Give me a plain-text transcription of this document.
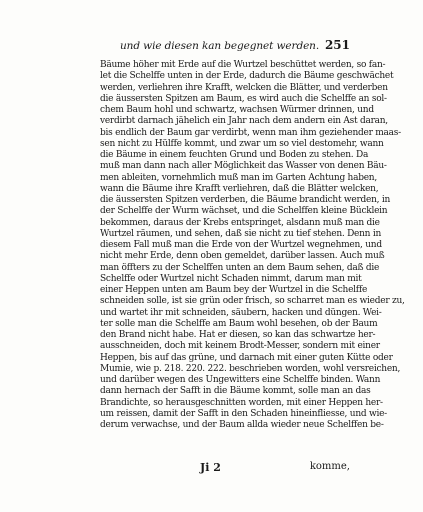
und wie diesen kan begegnet werden. 251
Bäume höher mit Erde auf die Wurtzel beschüttet werden, so fan-
let die Schelffe unten in der Erde, dadurch die Bäume geschwächet
werden, verliehren ihre Krafft, welcken die Blätter, und verderben
die äussersten Spitzen am Baum, es wird auch die Schelffe an sol-
chem Baum hohl und schwartz, wachsen Würmer drinnen, und
verdirbt darnach jähelich ein Jahr nach dem andern ein Ast daran,
bis endlich der Baum gar verdirbt, wenn man ihm geziehender maas-
sen nicht zu Hülffe kommt, und zwar um so viel destomehr, wann
die Bäume in einem feuchten Grund und Boden zu stehen. Da
muß man dann nach aller Möglichkeit das Wasser von denen Bäu-
men ableiten, vornehmlich muß man im Garten Achtung haben,
wann die Bäume ihre Krafft verliehren, daß die Blätter welcken,
die äussersten Spitzen verderben, die Bäume brandicht werden, in
der Schelffe der Wurm wächset, und die Schelffen kleine Bücklein
bekommen, daraus der Krebs entspringet, alsdann muß man die
Wurtzel räumen, und sehen, daß sie nicht zu tief stehen. Denn in
diesem Fall muß man die Erde von der Wurtzel wegnehmen, und
nicht mehr Erde, denn oben gemeldet, darüber lassen. Auch muß
man öffters zu der Schelffen unten an dem Baum sehen, daß die
Schelffe oder Wurtzel nicht Schaden nimmt, darum man mit
einer Heppen unten am Baum bey der Wurtzel in die Schelffe
schneiden solle, ist sie grün oder frisch, so scharret man es wieder zu,
und wartet ihr mit schneiden, säubern, hacken und düngen. Wei-
ter solle man die Schelffe am Baum wohl besehen, ob der Baum
den Brand nicht habe. Hat er diesen, so kan das schwartze her-
ausschneiden, doch mit keinem Brodt-Messer, sondern mit einer
Heppen, bis auf das grüne, und darnach mit einer guten Kütte oder
Mumie, wie p. 218. 220. 222. beschrieben worden, wohl versreichen,
und darüber wegen des Ungewitters eine Schelffe binden. Wann
dann hernach der Safft in die Bäume kommt, solle man an das
Brandichte, so herausgeschnitten worden, mit einer Heppen her-
um reissen, damit der Safft in den Schaden hineinfliesse, und wie-
derum verwachse, und der Baum allda wieder neue Schelffen be-
Ji 2	komme,
